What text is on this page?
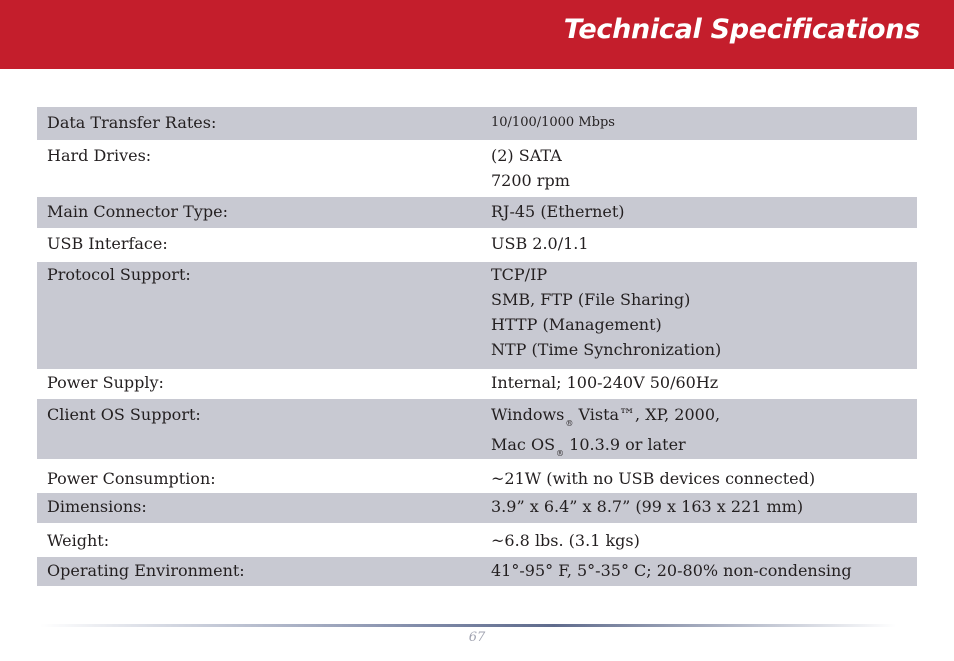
Technical Specifications
Data Transfer Rates:	10/100/1000 Mbps
Hard Drives:	(2) SATA
7200 rpm
Main Connector Type:	RJ-45 (Ethernet)
USB Interface:	USB 2.0/1.1
Protocol Support:	TCP/IP
SMB, FTP (File Sharing)
HTTP (Management)
NTP (Time Synchronization)
Power Supply:	Internal; 100-240V 50/60Hz
Client OS Support:	Windows$_®$ Vista™, XP, 2000,
Mac $OS_®$ 10.3.9 or later
Power Consumption:	~21W (with no USB devices connected)
Dimensions:	3.9” x 6.4” x 8.7” (99 x 163 x 221 mm)
Weight:	~6.8 lbs. (3.1 kgs)
Operating Environment:	41°-95° F, 5°-35° C; 20-80% non-condensing
67
